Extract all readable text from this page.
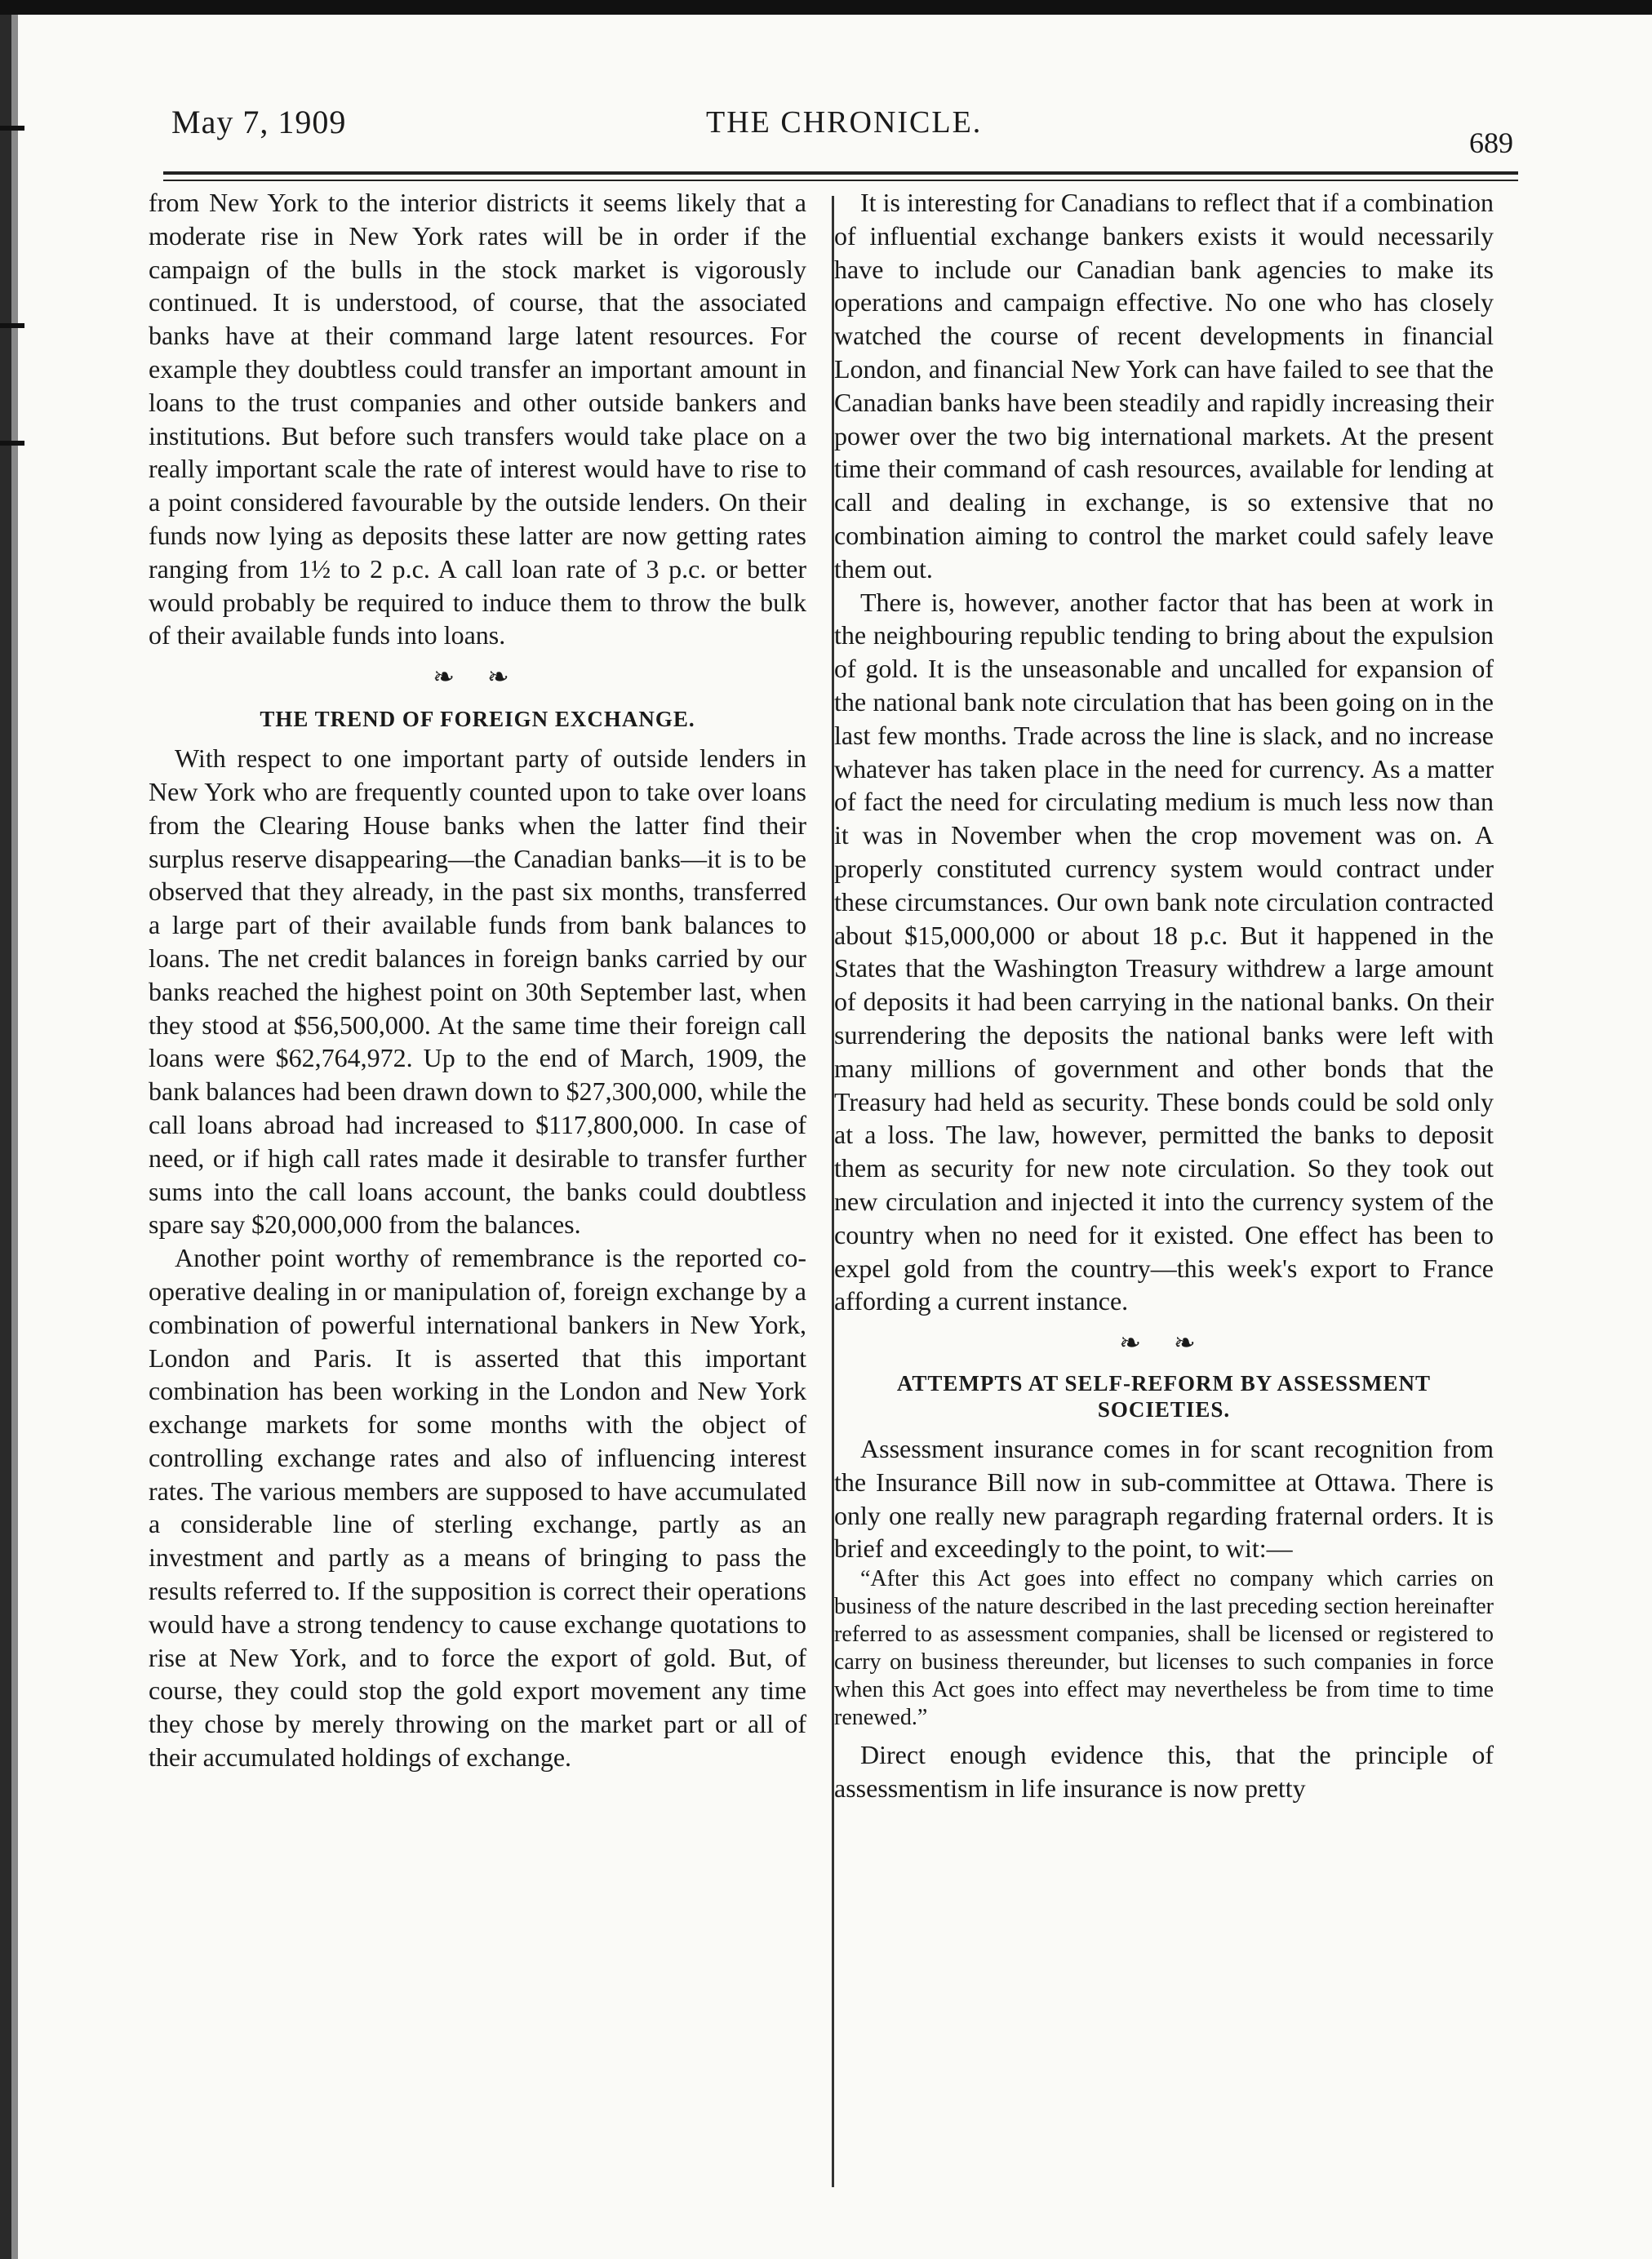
May 7, 1909	THE CHRONICLE.
689

from New York to the interior districts it seems likely that a moderate rise in New York rates will be in order if the campaign of the bulls in the stock market is vigorously continued. It is understood, of course, that the associated banks have at their command large latent resources. For example they doubtless could transfer an important amount in loans to the trust companies and other outside bankers and institutions. But before such transfers would take place on a really important scale the rate of interest would have to rise to a point considered favourable by the outside lenders. On their funds now lying as deposits these latter are now getting rates ranging from 1½ to 2 p.c. A call loan rate of 3 p.c. or better would probably be required to induce them to throw the bulk of their available funds into loans.

❧ ❧
THE TREND OF FOREIGN EXCHANGE.

With respect to one important party of outside lenders in New York who are frequently counted upon to take over loans from the Clearing House banks when the latter find their surplus reserve disappearing—the Canadian banks—it is to be observed that they already, in the past six months, transferred a large part of their available funds from bank balances to loans. The net credit balances in foreign banks carried by our banks reached the highest point on 30th September last, when they stood at $56,500,000. At the same time their foreign call loans were $62,764,972. Up to the end of March, 1909, the bank balances had been drawn down to $27,300,000, while the call loans abroad had increased to $117,800,000. In case of need, or if high call rates made it desirable to transfer further sums into the call loans account, the banks could doubtless spare say $20,000,000 from the balances.

Another point worthy of remembrance is the reported co-operative dealing in or manipulation of, foreign exchange by a combination of powerful international bankers in New York, London and Paris. It is asserted that this important combination has been working in the London and New York exchange markets for some months with the object of controlling exchange rates and also of influencing interest rates. The various members are supposed to have accumulated a considerable line of sterling exchange, partly as an investment and partly as a means of bringing to pass the results referred to. If the supposition is correct their operations would have a strong tendency to cause exchange quotations to rise at New York, and to force the export of gold. But, of course, they could stop the gold export movement any time they chose by merely throwing on the market part or all of their accumulated holdings of exchange.

It is interesting for Canadians to reflect that if a combination of influential exchange bankers exists it would necessarily have to include our Canadian bank agencies to make its operations and campaign effective. No one who has closely watched the course of recent developments in financial London, and financial New York can have failed to see that the Canadian banks have been steadily and rapidly increasing their power over the two big international markets. At the present time their command of cash resources, available for lending at call and dealing in exchange, is so extensive that no combination aiming to control the market could safely leave them out.

There is, however, another factor that has been at work in the neighbouring republic tending to bring about the expulsion of gold. It is the unseasonable and uncalled for expansion of the national bank note circulation that has been going on in the last few months. Trade across the line is slack, and no increase whatever has taken place in the need for currency. As a matter of fact the need for circulating medium is much less now than it was in November when the crop movement was on. A properly constituted currency system would contract under these circumstances. Our own bank note circulation contracted about $15,000,000 or about 18 p.c. But it happened in the States that the Washington Treasury withdrew a large amount of deposits it had been carrying in the national banks. On their surrendering the deposits the national banks were left with many millions of government and other bonds that the Treasury had held as security. These bonds could be sold only at a loss. The law, however, permitted the banks to deposit them as security for new note circulation. So they took out new circulation and injected it into the currency system of the country when no need for it existed. One effect has been to expel gold from the country—this week's export to France affording a current instance.

❧ ❧
ATTEMPTS AT SELF-REFORM BY ASSESSMENT SOCIETIES.

Assessment insurance comes in for scant recognition from the Insurance Bill now in sub-committee at Ottawa. There is only one really new paragraph regarding fraternal orders. It is brief and exceedingly to the point, to wit:—

“After this Act goes into effect no company which carries on business of the nature described in the last preceding section hereinafter referred to as assessment companies, shall be licensed or registered to carry on business thereunder, but licenses to such companies in force when this Act goes into effect may nevertheless be from time to time renewed.”

Direct enough evidence this, that the principle of assessmentism in life insurance is now pretty
